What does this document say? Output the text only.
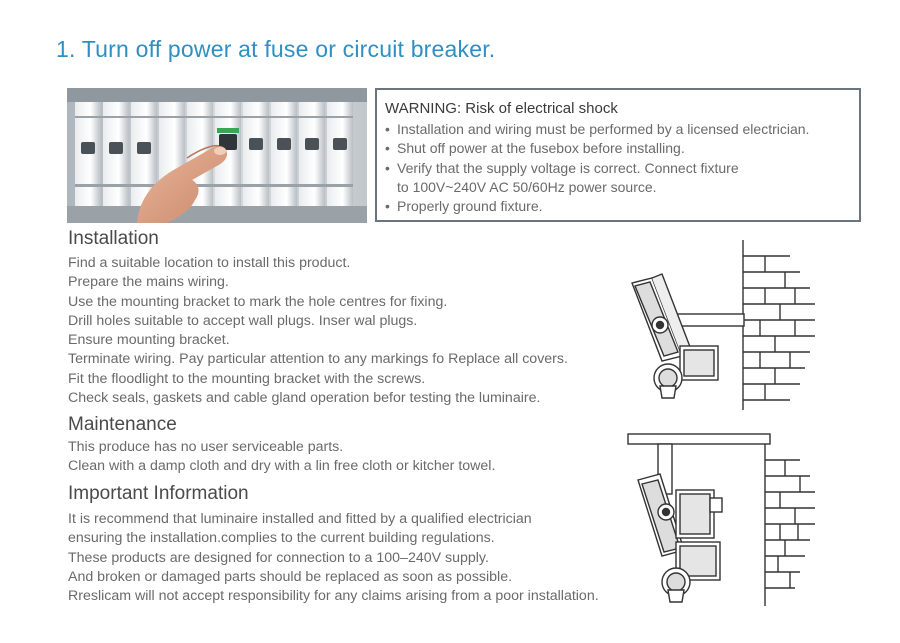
1. Turn off power at fuse or circuit breaker.

WARNING: Risk of electrical shock

• Installation and wiring must be performed by a licensed electrician.
• Shut off power at the fusebox before installing.
• Verify that the supply voltage is correct. Connect fixture to 100V~240V AC 50/60Hz power source.
• Properly ground fixture.
Installation
Find a suitable location to install this product.
Prepare the mains wiring.
Use the mounting bracket to mark the hole centres for fixing.
Drill holes suitable to accept wall plugs. Inser wal plugs.
Ensure mounting bracket.
Terminate wiring. Pay particular attention to any markings fo Replace all covers.
Fit the floodlight to the mounting bracket with the screws.
Check seals, gaskets and cable gland operation befor testing the luminaire.
Maintenance
This produce has no user serviceable parts.
Clean with a damp cloth and dry with a lin free cloth or kitcher towel.
Important Information
It is recommend that luminaire installed and fitted by a qualified electrician
ensuring the installation.complies to the current building regulations.
These products are designed for connection to a 100–240V supply.
And broken or damaged parts should be replaced as soon as possible.
Rreslicam will not accept responsibility for any claims arising from a poor installation.
